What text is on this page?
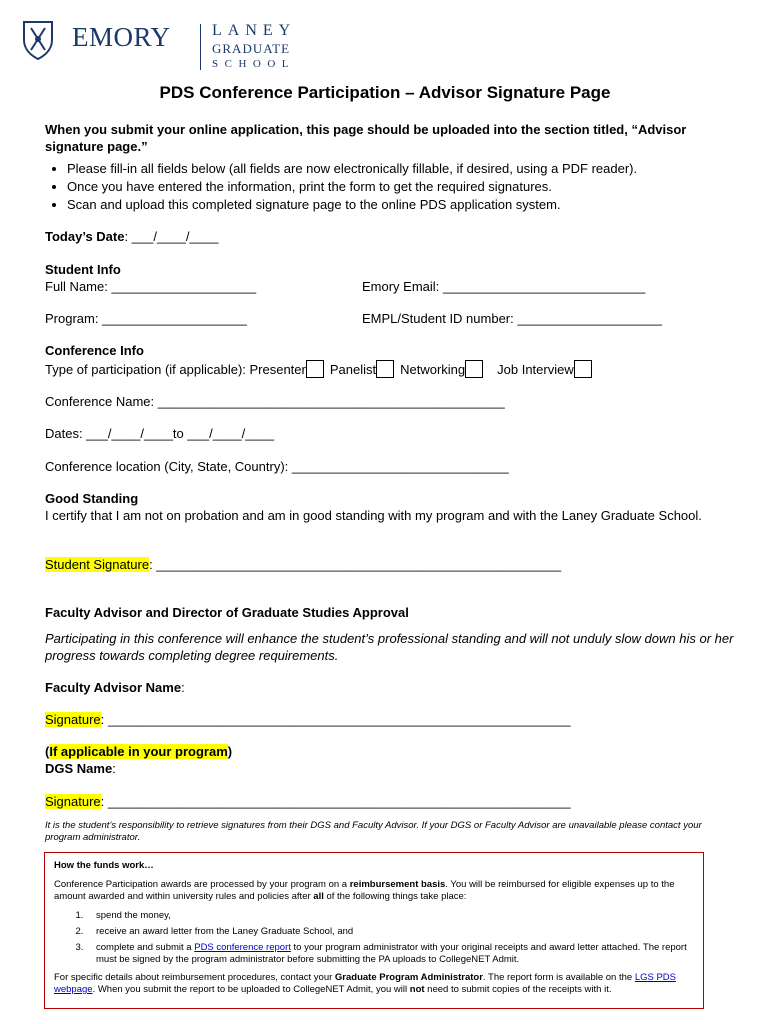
EMORY	LANEY
GRADUATE
SCHOOL
PDS Conference Participation – Advisor Signature Page
When you submit your online application, this page should be uploaded into the section titled, “Advisor signature page.”
• Please fill-in all fields below (all fields are now electronically fillable, if desired, using a PDF reader).
• Once you have entered the information, print the form to get the required signatures.
• Scan and upload this completed signature page to the online PDS application system.
Today’s Date: ___/____/____
Student Info
Full Name: ____________________	Emory Email: ____________________________
Program: ____________________	EMPL/Student ID number: ____________________
Conference Info
Type of participation (if applicable): Presenter Panelist Networking Job Interview
Conference Name: ________________________________________________
Dates: ___/____/____to ___/____/____
Conference location (City, State, Country): ______________________________
Good Standing
I certify that I am not on probation and am in good standing with my program and with the Laney Graduate School.
Student Signature: ________________________________________________________
Faculty Advisor and Director of Graduate Studies Approval
Participating in this conference will enhance the student’s professional standing and will not unduly slow down his or her progress towards completing degree requirements.
Faculty Advisor Name:
Signature: ________________________________________________________________
(If applicable in your program)
DGS Name:
Signature: ________________________________________________________________
It is the student’s responsibility to retrieve signatures from their DGS and Faculty Advisor. If your DGS or Faculty Advisor are unavailable please contact your program administrator.

How the funds work…

Conference Participation awards are processed by your program on a reimbursement basis. You will be reimbursed for eligible expenses up to the amount awarded and within university rules and policies after all of the following things take place:

1. spend the money,
2. receive an award letter from the Laney Graduate School, and
3. complete and submit a PDS conference report to your program administrator with your original receipts and award letter attached. The report must be signed by the program administrator before submitting the PA uploads to CollegeNET Admit.

For specific details about reimbursement procedures, contact your Graduate Program Administrator. The report form is available on the LGS PDS webpage. When you submit the report to be uploaded to CollegeNET Admit, you will not need to submit copies of the receipts with it.
